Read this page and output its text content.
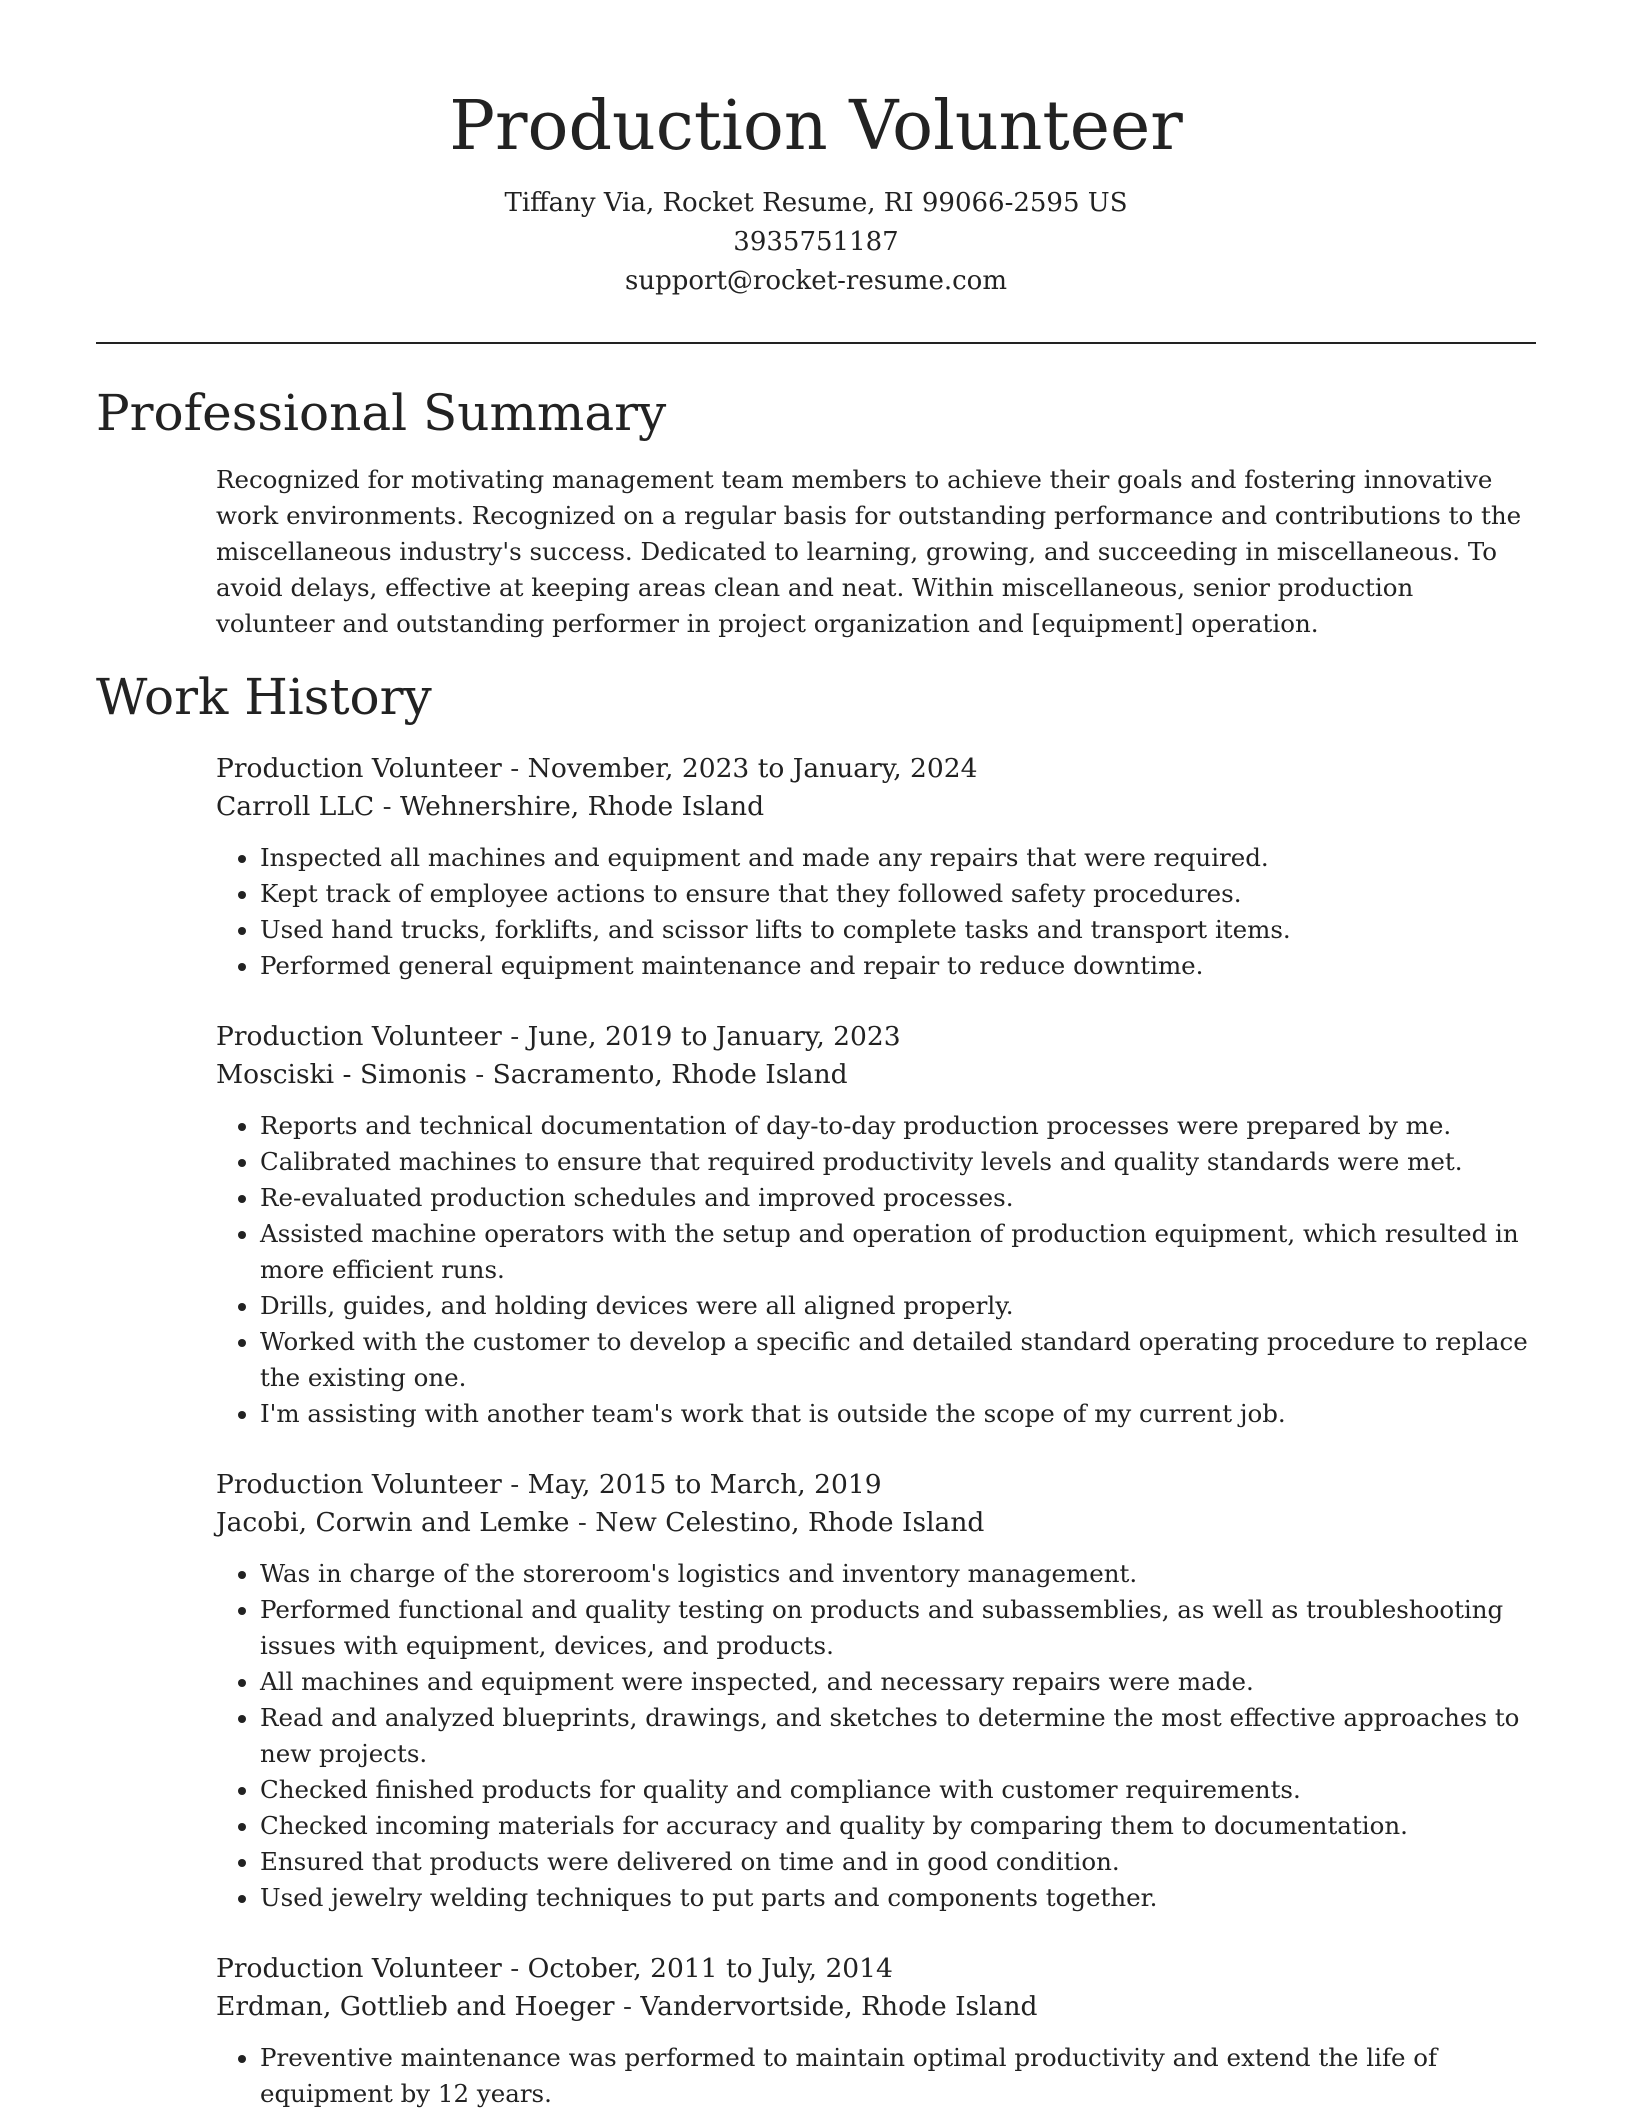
Production Volunteer
Tiffany Via, Rocket Resume, RI 99066-2595 US
3935751187
support@rocket-resume.com
Professional Summary

Recognized for motivating management team members to achieve their goals and fostering innovative work environments. Recognized on a regular basis for outstanding performance and contributions to the miscellaneous industry's success. Dedicated to learning, growing, and succeeding in miscellaneous. To avoid delays, effective at keeping areas clean and neat. Within miscellaneous, senior production volunteer and outstanding performer in project organization and [equipment] operation.

Work History
Production Volunteer - November, 2023 to January, 2024
Carroll LLC - Wehnershire, Rhode Island
• Inspected all machines and equipment and made any repairs that were required.
• Kept track of employee actions to ensure that they followed safety procedures.
• Used hand trucks, forklifts, and scissor lifts to complete tasks and transport items.
• Performed general equipment maintenance and repair to reduce downtime.
Production Volunteer - June, 2019 to January, 2023
Mosciski - Simonis - Sacramento, Rhode Island
• Reports and technical documentation of day-to-day production processes were prepared by me.
• Calibrated machines to ensure that required productivity levels and quality standards were met.
• Re-evaluated production schedules and improved processes.
• Assisted machine operators with the setup and operation of production equipment, which resulted in more efficient runs.
• Drills, guides, and holding devices were all aligned properly.
• Worked with the customer to develop a specific and detailed standard operating procedure to replace the existing one.
• I'm assisting with another team's work that is outside the scope of my current job.
Production Volunteer - May, 2015 to March, 2019
Jacobi, Corwin and Lemke - New Celestino, Rhode Island
• Was in charge of the storeroom's logistics and inventory management.
• Performed functional and quality testing on products and subassemblies, as well as troubleshooting issues with equipment, devices, and products.
• All machines and equipment were inspected, and necessary repairs were made.
• Read and analyzed blueprints, drawings, and sketches to determine the most effective approaches to new projects.
• Checked finished products for quality and compliance with customer requirements.
• Checked incoming materials for accuracy and quality by comparing them to documentation.
• Ensured that products were delivered on time and in good condition.
• Used jewelry welding techniques to put parts and components together.
Production Volunteer - October, 2011 to July, 2014
Erdman, Gottlieb and Hoeger - Vandervortside, Rhode Island
• Preventive maintenance was performed to maintain optimal productivity and extend the life of equipment by 12 years.
